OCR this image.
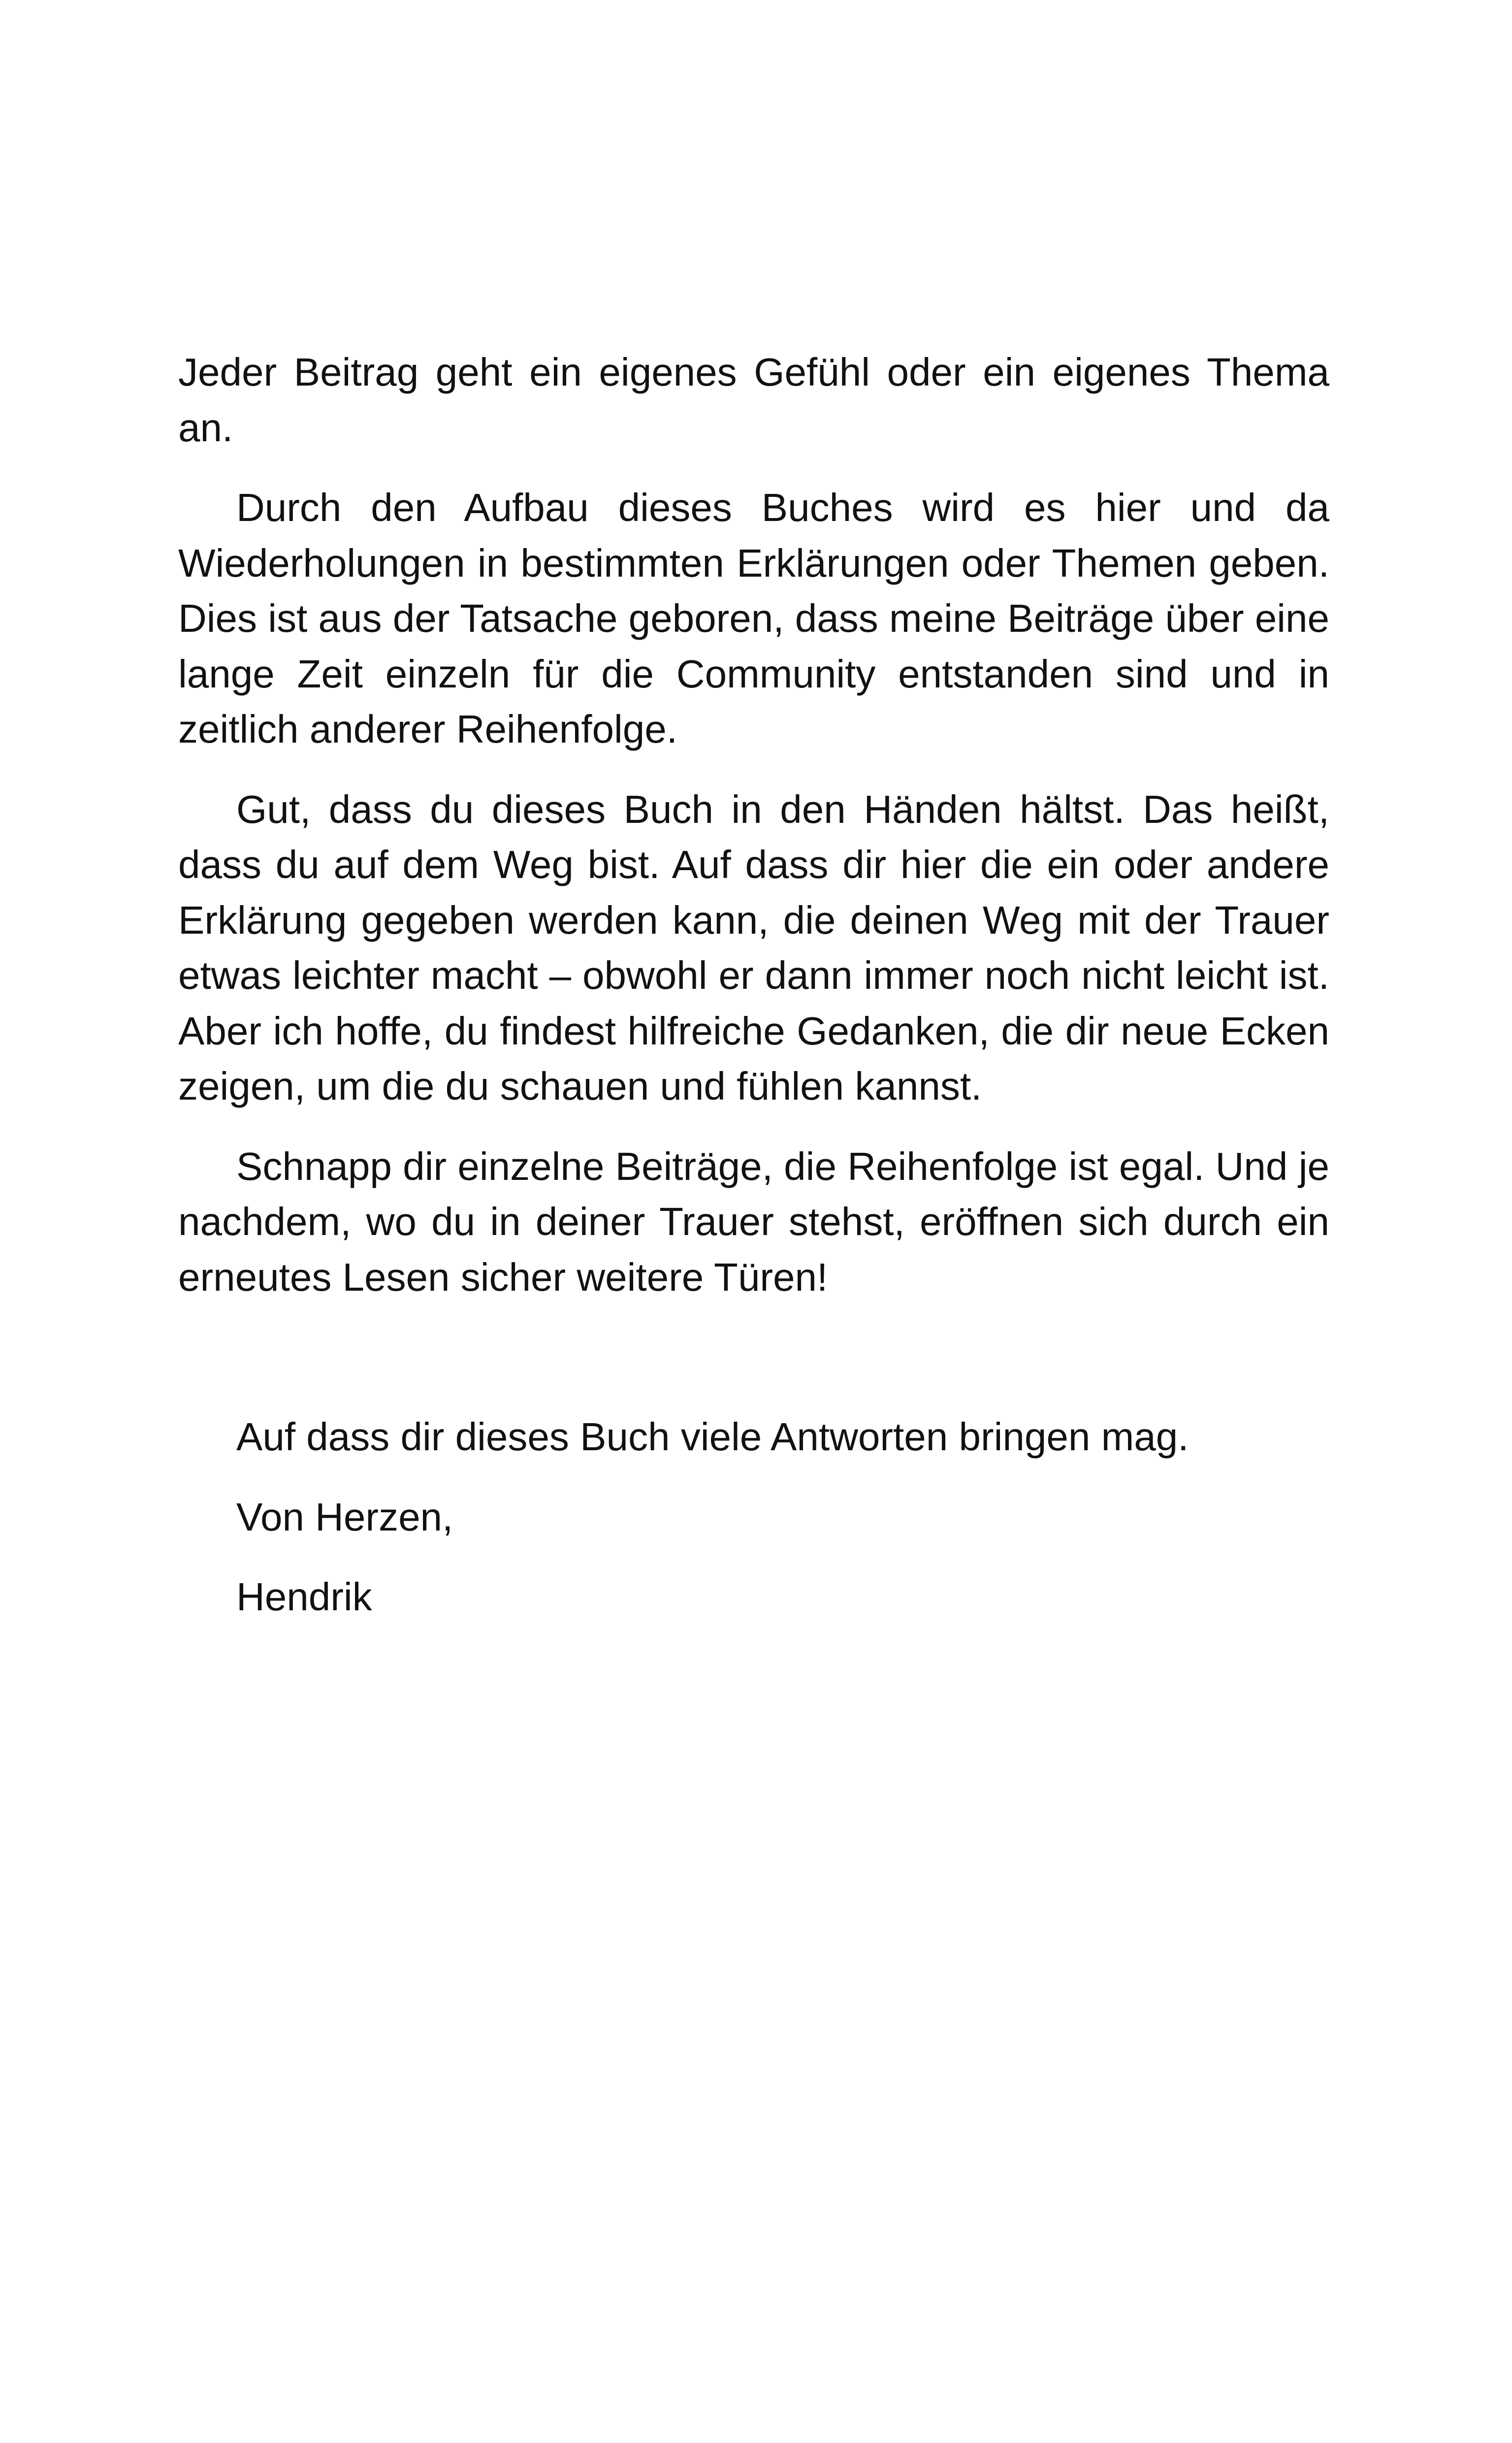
Jeder Beitrag geht ein eigenes Gefühl oder ein eigenes Thema an.

Durch den Aufbau dieses Buches wird es hier und da Wiederholungen in bestimmten Erklärungen oder Themen geben. Dies ist aus der Tatsache geboren, dass meine Beiträge über eine lange Zeit einzeln für die Community entstanden sind und in zeitlich anderer Reihenfolge.

Gut, dass du dieses Buch in den Händen hältst. Das heißt, dass du auf dem Weg bist. Auf dass dir hier die ein oder andere Erklärung gegeben werden kann, die deinen Weg mit der Trauer etwas leichter macht – obwohl er dann immer noch nicht leicht ist. Aber ich hoffe, du findest hilfreiche Gedanken, die dir neue Ecken zeigen, um die du schauen und fühlen kannst.

Schnapp dir einzelne Beiträge, die Reihenfolge ist egal. Und je nachdem, wo du in deiner Trauer stehst, eröffnen sich durch ein erneutes Lesen sicher weitere Türen!

Auf dass dir dieses Buch viele Antworten bringen mag.

Von Herzen,

Hendrik
